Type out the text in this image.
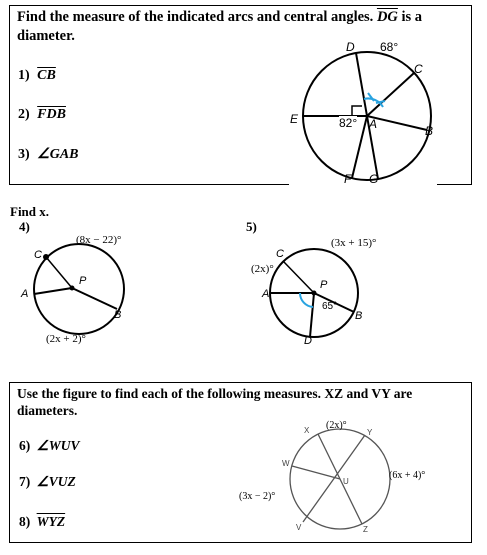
Find the measure of the indicated arcs and central angles. $\overline{DG}$ is a
diameter.
1) $\overline{CB}$
2) $\overline{FDB}$
3) ∠GAB
D 68°
C
E	82° A	B
F G
Find x.
4)	5)
(8x − 22)°
C
A
P
B
(2x + 2)°
(3x + 15)°
C
(2x)°
A
P
65°
B
D
Use the figure to find each of the following measures. XZ and VY are
diameters.
6) ∠WUV
7) ∠VUZ
8) $\overline{WYZ}$
X (2x)°
Y
W
U
(6x + 4)°
(3x − 2)°
V	Z
